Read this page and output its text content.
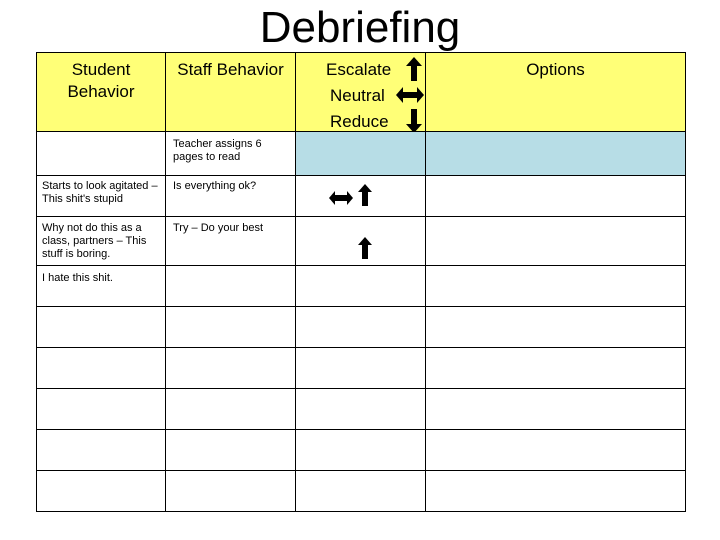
Debriefing
Student
Behavior
Staff Behavior	Escalate
Neutral
Reduce
Options
Teacher assigns 6 pages to read
Starts to look agitated – This shit's stupid
Is everything ok?
Why not do this as a class, partners – This stuff is boring.
Try – Do your best
I hate this shit.
